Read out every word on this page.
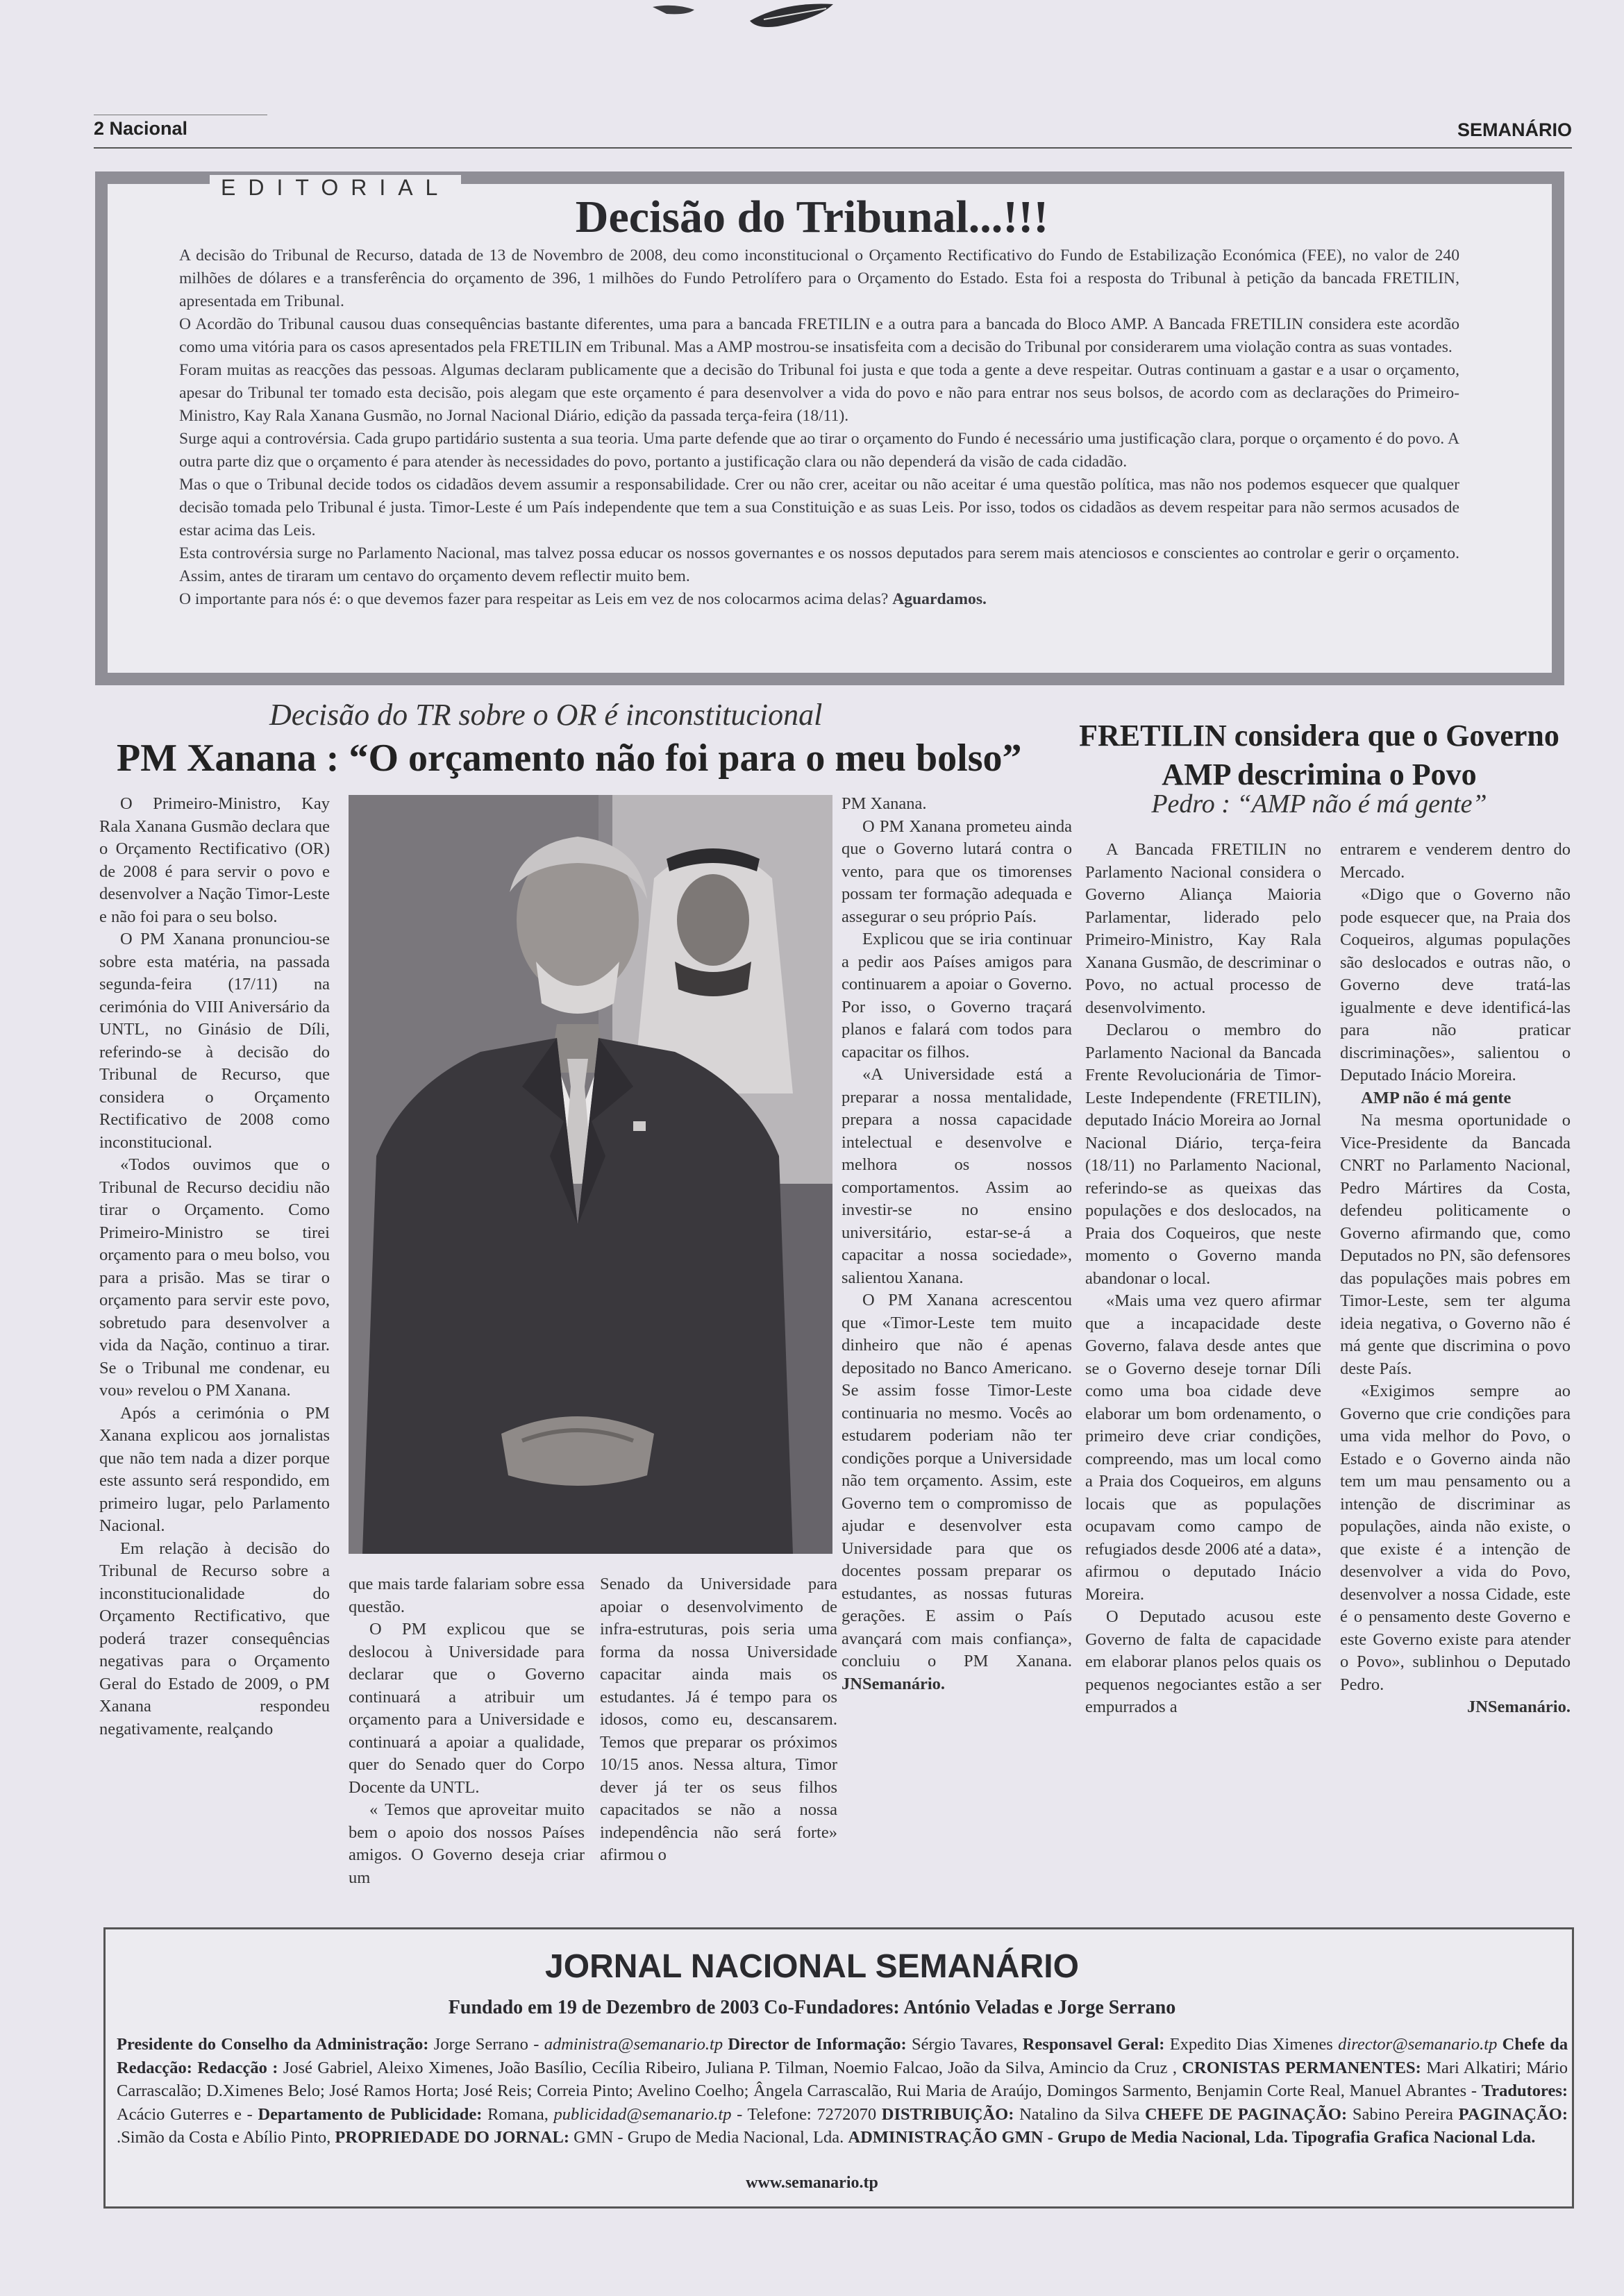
2 Nacional	SEMANÁRIO
EDITORIAL
Decisão do Tribunal...!!!

A decisão do Tribunal de Recurso, datada de 13 de Novembro de 2008, deu como inconstitucional o Orçamento Rectificativo do Fundo de Estabilização Económica (FEE), no valor de 240 milhões de dólares e a transferência do orçamento de 396, 1 milhões do Fundo Petrolífero para o Orçamento do Estado. Esta foi a resposta do Tribunal à petição da bancada FRETILIN, apresentada em Tribunal.

O Acordão do Tribunal causou duas consequências bastante diferentes, uma para a bancada FRETILIN e a outra para a bancada do Bloco AMP. A Bancada FRETILIN considera este acordão como uma vitória para os casos apresentados pela FRETILIN em Tribunal. Mas a AMP mostrou-se insatisfeita com a decisão do Tribunal por considerarem uma violação contra as suas vontades.

Foram muitas as reacções das pessoas. Algumas declaram publicamente que a decisão do Tribunal foi justa e que toda a gente a deve respeitar. Outras continuam a gastar e a usar o orçamento, apesar do Tribunal ter tomado esta decisão, pois alegam que este orçamento é para desenvolver a vida do povo e não para entrar nos seus bolsos, de acordo com as declarações do Primeiro-Ministro, Kay Rala Xanana Gusmão, no Jornal Nacional Diário, edição da passada terça-feira (18/11).

Surge aqui a controvérsia. Cada grupo partidário sustenta a sua teoria. Uma parte defende que ao tirar o orçamento do Fundo é necessário uma justificação clara, porque o orçamento é do povo. A outra parte diz que o orçamento é para atender às necessidades do povo, portanto a justificação clara ou não dependerá da visão de cada cidadão.

Mas o que o Tribunal decide todos os cidadãos devem assumir a responsabilidade. Crer ou não crer, aceitar ou não aceitar é uma questão política, mas não nos podemos esquecer que qualquer decisão tomada pelo Tribunal é justa. Timor-Leste é um País independente que tem a sua Constituição e as suas Leis. Por isso, todos os cidadãos as devem respeitar para não sermos acusados de estar acima das Leis.

Esta controvérsia surge no Parlamento Nacional, mas talvez possa educar os nossos governantes e os nossos deputados para serem mais atenciosos e conscientes ao controlar e gerir o orçamento. Assim, antes de tiraram um centavo do orçamento devem reflectir muito bem.

O importante para nós é: o que devemos fazer para respeitar as Leis em vez de nos colocarmos acima delas? Aguardamos.

Decisão do TR sobre o OR é inconstitucional
PM Xanana : “O orçamento não foi para o meu bolso”

O Primeiro-Ministro, Kay Rala Xanana Gusmão declara que o Orçamento Rectificativo (OR) de 2008 é para servir o povo e desenvolver a Nação Timor-Leste e não foi para o seu bolso.

O PM Xanana pronunciou-se sobre esta matéria, na passada segunda-feira (17/11) na cerimónia do VIII Aniversário da UNTL, no Ginásio de Díli, referindo-se à decisão do Tribunal de Recurso, que considera o Orçamento Rectificativo de 2008 como inconstitucional.

«Todos ouvimos que o Tribunal de Recurso decidiu não tirar o Orçamento. Como Primeiro-Ministro se tirei orçamento para o meu bolso, vou para a prisão. Mas se tirar o orçamento para servir este povo, sobretudo para desenvolver a vida da Nação, continuo a tirar. Se o Tribunal me condenar, eu vou» revelou o PM Xanana.

Após a cerimónia o PM Xanana explicou aos jornalistas que não tem nada a dizer porque este assunto será respondido, em primeiro lugar, pelo Parlamento Nacional.

Em relação à decisão do Tribunal de Recurso sobre a inconstitucionalidade do Orçamento Rectificativo, que poderá trazer consequências negativas para o Orçamento Geral do Estado de 2009, o PM Xanana respondeu negativamente, realçando

que mais tarde falariam sobre essa questão.

O PM explicou que se deslocou à Universidade para declarar que o Governo continuará a atribuir um orçamento para a Universidade e continuará a apoiar a qualidade, quer do Senado quer do Corpo Docente da UNTL.

« Temos que aproveitar muito bem o apoio dos nossos Países amigos. O Governo deseja criar um

Senado da Universidade para apoiar o desenvolvimento de infra-estruturas, pois seria uma forma da nossa Universidade capacitar ainda mais os estudantes. Já é tempo para os idosos, como eu, descansarem. Temos que preparar os próximos 10/15 anos. Nessa altura, Timor dever já ter os seus filhos capacitados se não a nossa independência não será forte» afirmou o

PM Xanana.

O PM Xanana prometeu ainda que o Governo lutará contra o vento, para que os timorenses possam ter formação adequada e assegurar o seu próprio País.

Explicou que se iria continuar a pedir aos Países amigos para continuarem a apoiar o Governo. Por isso, o Governo traçará planos e falará com todos para capacitar os filhos.

«A Universidade está a preparar a nossa mentalidade, prepara a nossa capacidade intelectual e desenvolve e melhora os nossos comportamentos. Assim ao investir-se no ensino universitário, estar-se-á a capacitar a nossa sociedade», salientou Xanana.

O PM Xanana acrescentou que «Timor-Leste tem muito dinheiro que não é apenas depositado no Banco Americano. Se assim fosse Timor-Leste continuaria no mesmo. Vocês ao estudarem poderiam não ter condições porque a Universidade não tem orçamento. Assim, este Governo tem o compromisso de ajudar e desenvolver esta Universidade para que os docentes possam preparar os estudantes, as nossas futuras gerações. E assim o País avançará com mais confiança», concluiu o PM Xanana. JNSemanário.

FRETILIN considera que o Governo AMP descrimina o Povo
Pedro : “AMP não é má gente”

A Bancada FRETILIN no Parlamento Nacional considera o Governo Aliança Maioria Parlamentar, liderado pelo Primeiro-Ministro, Kay Rala Xanana Gusmão, de descriminar o Povo, no actual processo de desenvolvimento.

Declarou o membro do Parlamento Nacional da Bancada Frente Revolucionária de Timor-Leste Independente (FRETILIN), deputado Inácio Moreira ao Jornal Nacional Diário, terça-feira (18/11) no Parlamento Nacional, referindo-se as queixas das populações e dos deslocados, na Praia dos Coqueiros, que neste momento o Governo manda abandonar o local.

«Mais uma vez quero afirmar que a incapacidade deste Governo, falava desde antes que se o Governo deseje tornar Díli como uma boa cidade deve elaborar um bom ordenamento, o primeiro deve criar condições, compreendo, mas um local como a Praia dos Coqueiros, em alguns locais que as populações ocupavam como campo de refugiados desde 2006 até a data», afirmou o deputado Inácio Moreira.

O Deputado acusou este Governo de falta de capacidade em elaborar planos pelos quais os pequenos negociantes estão a ser empurrados a

entrarem e venderem dentro do Mercado.

«Digo que o Governo não pode esquecer que, na Praia dos Coqueiros, algumas populações são deslocados e outras não, o Governo deve tratá-las igualmente e deve identificá-las para não praticar discriminações», salientou o Deputado Inácio Moreira.

AMP não é má gente

Na mesma oportunidade o Vice-Presidente da Bancada CNRT no Parlamento Nacional, Pedro Mártires da Costa, defendeu politicamente o Governo afirmando que, como Deputados no PN, são defensores das populações mais pobres em Timor-Leste, sem ter alguma ideia negativa, o Governo não é má gente que discrimina o povo deste País.

«Exigimos sempre ao Governo que crie condições para uma vida melhor do Povo, o Estado e o Governo ainda não tem um mau pensamento ou a intenção de discriminar as populações, ainda não existe, o que existe é a intenção de desenvolver a vida do Povo, desenvolver a nossa Cidade, este é o pensamento deste Governo e este Governo existe para atender o Povo», sublinhou o Deputado Pedro.

JNSemanário.

JORNAL NACIONAL SEMANÁRIO
Fundado em 19 de Dezembro de 2003 Co-Fundadores: António Veladas e Jorge Serrano
Presidente do Conselho da Administração: Jorge Serrano - administra@semanario.tp Director de Informação: Sérgio Tavares, Responsavel Geral: Expedito Dias Ximenes director@semanario.tp Chefe da Redacção: Redacção : José Gabriel, Aleixo Ximenes, João Basílio, Cecília Ribeiro, Juliana P. Tilman, Noemio Falcao, João da Silva, Amincio da Cruz , CRONISTAS PERMANENTES: Mari Alkatiri; Mário Carrascalão; D.Ximenes Belo; José Ramos Horta; José Reis; Correia Pinto; Avelino Coelho; Ângela Carrascalão, Rui Maria de Araújo, Domingos Sarmento, Benjamin Corte Real, Manuel Abrantes - Tradutores: Acácio Guterres e - Departamento de Publicidade: Romana, publicidad@semanario.tp - Telefone: 7272070 DISTRIBUIÇÃO: Natalino da Silva CHEFE DE PAGINAÇÃO: Sabino Pereira PAGINAÇÃO: .Simão da Costa e Abílio Pinto, PROPRIEDADE DO JORNAL: GMN - Grupo de Media Nacional, Lda. ADMINISTRAÇÃO GMN - Grupo de Media Nacional, Lda. Tipografia Grafica Nacional Lda.
www.semanario.tp
